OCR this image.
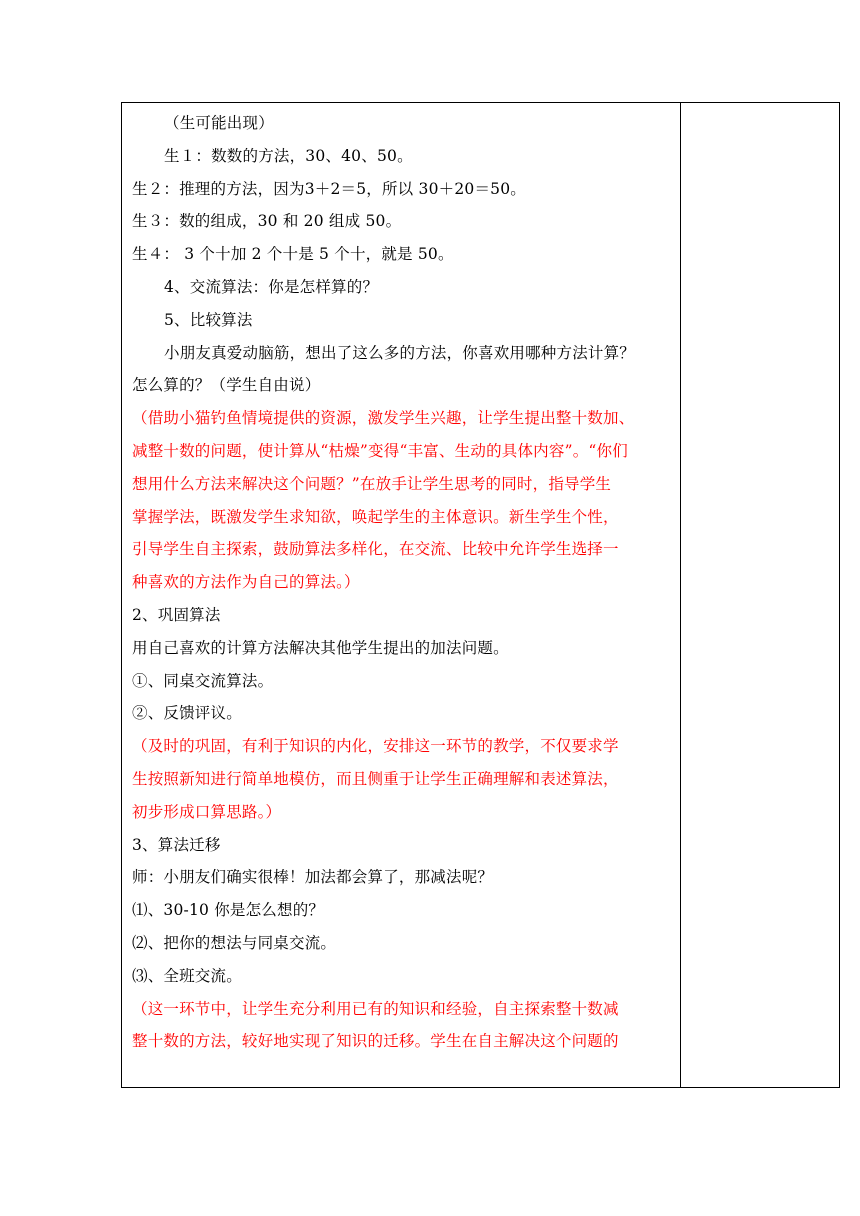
（生可能出现）
生１：数数的方法，30、40、50。
生２：推理的方法，因为3＋2＝5，所以 30＋20＝50。
生３：数的组成，30 和 20 组成 50。
生４： 3 个十加 2 个十是 5 个十，就是 50。
4、交流算法：你是怎样算的？
5、比较算法
小朋友真爱动脑筋，想出了这么多的方法，你喜欢用哪种方法计算？
怎么算的？（学生自由说）
（借助小猫钓鱼情境提供的资源，激发学生兴趣，让学生提出整十数加、
减整十数的问题，使计算从“枯燥”变得“丰富、生动的具体内容”。“你们
想用什么方法来解决这个问题？”在放手让学生思考的同时，指导学生
掌握学法，既激发学生求知欲，唤起学生的主体意识。新生学生个性，
引导学生自主探索，鼓励算法多样化，在交流、比较中允许学生选择一
种喜欢的方法作为自己的算法。）
2、巩固算法
用自己喜欢的计算方法解决其他学生提出的加法问题。
①、同桌交流算法。
②、反馈评议。
（及时的巩固，有利于知识的内化，安排这一环节的教学，不仅要求学
生按照新知进行简单地模仿，而且侧重于让学生正确理解和表述算法，
初步形成口算思路。）
3、算法迁移
师：小朋友们确实很棒！加法都会算了，那减法呢？
⑴、30-10 你是怎么想的？
⑵、把你的想法与同桌交流。
⑶、全班交流。
（这一环节中，让学生充分利用已有的知识和经验，自主探索整十数减
整十数的方法，较好地实现了知识的迁移。学生在自主解决这个问题的
